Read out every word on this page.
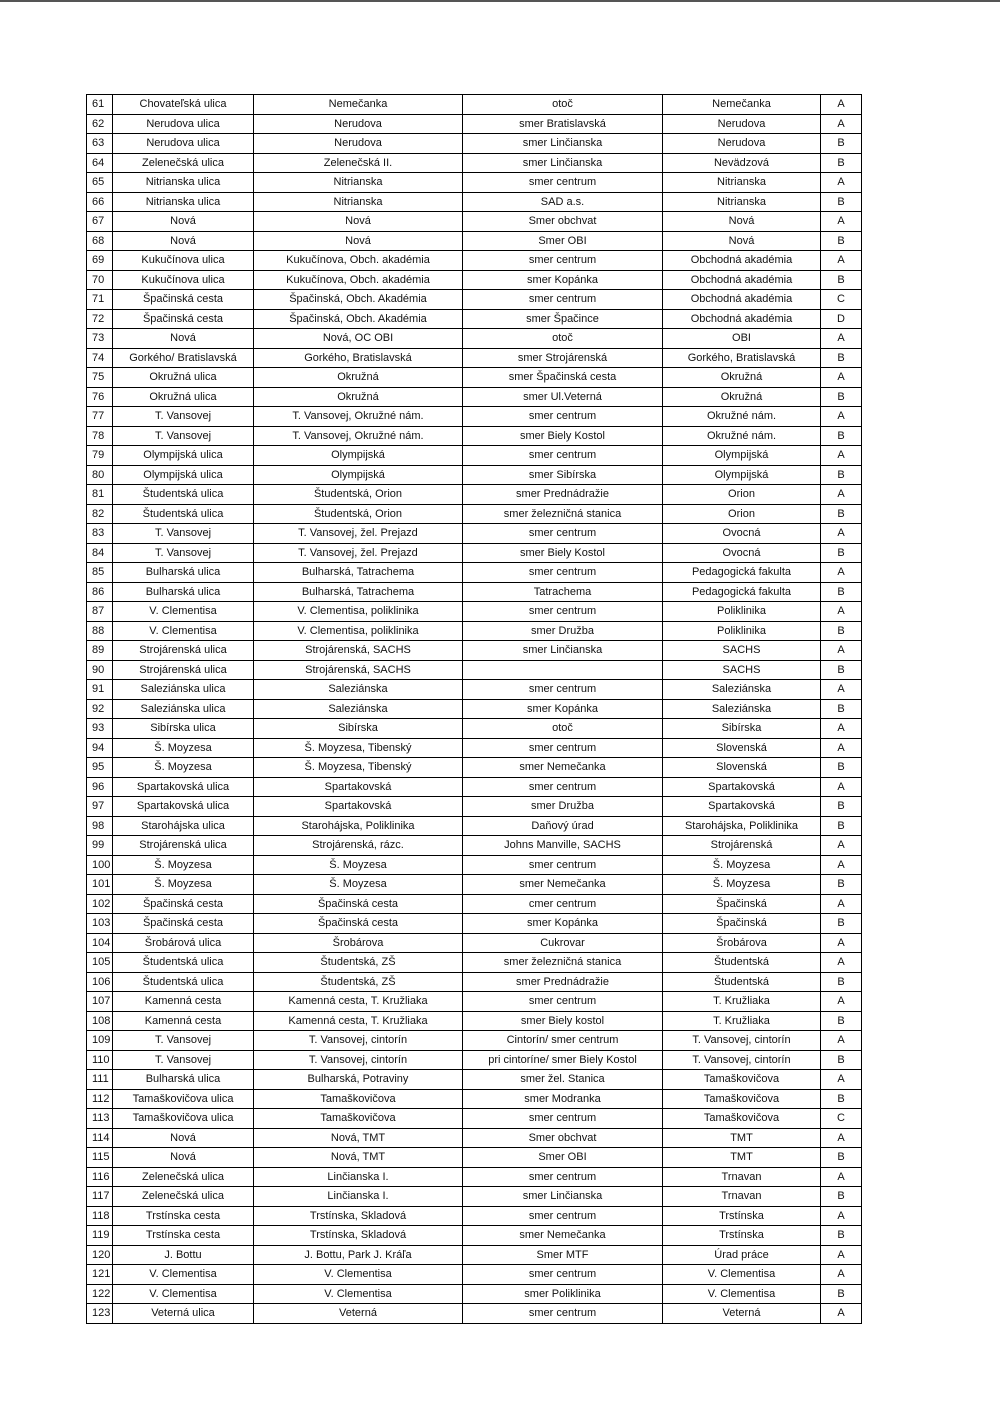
61	Chovateľská ulica	Nemečanka	otoč	Nemečanka	A
62	Nerudova ulica	Nerudova	smer Bratislavská	Nerudova	A
63	Nerudova ulica	Nerudova	smer Linčianska	Nerudova	B
64	Zelenečská ulica	Zelenečská II.	smer Linčianska	Nevädzová	B
65	Nitrianska ulica	Nitrianska	smer centrum	Nitrianska	A
66	Nitrianska ulica	Nitrianska	SAD a.s.	Nitrianska	B
67	Nová	Nová	Smer obchvat	Nová	A
68	Nová	Nová	Smer OBI	Nová	B
69	Kukučínova ulica	Kukučínova, Obch. akadémia	smer centrum	Obchodná akadémia	A
70	Kukučínova ulica	Kukučínova, Obch. akadémia	smer Kopánka	Obchodná akadémia	B
71	Špačinská cesta	Špačinská, Obch. Akadémia	smer centrum	Obchodná akadémia	C
72	Špačinská cesta	Špačinská, Obch. Akadémia	smer Špačince	Obchodná akadémia	D
73	Nová	Nová, OC OBI	otoč	OBI	A
74	Gorkého/ Bratislavská	Gorkého, Bratislavská	smer Strojárenská	Gorkého, Bratislavská	B
75	Okružná ulica	Okružná	smer Špačinská cesta	Okružná	A
76	Okružná ulica	Okružná	smer Ul.Veterná	Okružná	B
77	T. Vansovej	T. Vansovej, Okružné nám.	smer centrum	Okružné nám.	A
78	T. Vansovej	T. Vansovej, Okružné nám.	smer Biely Kostol	Okružné nám.	B
79	Olympijská ulica	Olympijská	smer centrum	Olympijská	A
80	Olympijská ulica	Olympijská	smer Sibírska	Olympijská	B
81	Študentská ulica	Študentská, Orion	smer Prednádražie	Orion	A
82	Študentská ulica	Študentská, Orion	smer železničná stanica	Orion	B
83	T. Vansovej	T. Vansovej, žel. Prejazd	smer centrum	Ovocná	A
84	T. Vansovej	T. Vansovej, žel. Prejazd	smer Biely Kostol	Ovocná	B
85	Bulharská ulica	Bulharská, Tatrachema	smer centrum	Pedagogická fakulta	A
86	Bulharská ulica	Bulharská, Tatrachema	Tatrachema	Pedagogická fakulta	B
87	V. Clementisa	V. Clementisa, poliklinika	smer centrum	Poliklinika	A
88	V. Clementisa	V. Clementisa, poliklinika	smer Družba	Poliklinika	B
89	Strojárenská ulica	Strojárenská, SACHS	smer Linčianska	SACHS	A
90	Strojárenská ulica	Strojárenská, SACHS		SACHS	B
91	Saleziánska ulica	Saleziánska	smer centrum	Saleziánska	A
92	Saleziánska ulica	Saleziánska	smer Kopánka	Saleziánska	B
93	Sibírska ulica	Sibírska	otoč	Sibírska	A
94	Š. Moyzesa	Š. Moyzesa, Tibenský	smer centrum	Slovenská	A
95	Š. Moyzesa	Š. Moyzesa, Tibenský	smer Nemečanka	Slovenská	B
96	Spartakovská ulica	Spartakovská	smer centrum	Spartakovská	A
97	Spartakovská ulica	Spartakovská	smer Družba	Spartakovská	B
98	Starohájska ulica	Starohájska, Poliklinika	Daňový úrad	Starohájska, Poliklinika	B
99	Strojárenská ulica	Strojárenská, rázc.	Johns Manville, SACHS	Strojárenská	A
100	Š. Moyzesa	Š. Moyzesa	smer centrum	Š. Moyzesa	A
101	Š. Moyzesa	Š. Moyzesa	smer Nemečanka	Š. Moyzesa	B
102	Špačinská cesta	Špačinská cesta	cmer centrum	Špačinská	A
103	Špačinská cesta	Špačinská cesta	smer Kopánka	Špačinská	B
104	Šrobárová ulica	Šrobárova	Cukrovar	Šrobárova	A
105	Študentská ulica	Študentská, ZŠ	smer železničná stanica	Študentská	A
106	Študentská ulica	Študentská, ZŠ	smer Prednádražie	Študentská	B
107	Kamenná cesta	Kamenná cesta, T. Kružliaka	smer centrum	T. Kružliaka	A
108	Kamenná cesta	Kamenná cesta, T. Kružliaka	smer Biely kostol	T. Kružliaka	B
109	T. Vansovej	T. Vansovej, cintorín	Cintorín/ smer centrum	T. Vansovej, cintorín	A
110	T. Vansovej	T. Vansovej, cintorín	pri cintoríne/ smer Biely Kostol	T. Vansovej, cintorín	B
111	Bulharská ulica	Bulharská, Potraviny	smer žel. Stanica	Tamaškovičova	A
112	Tamaškovičova ulica	Tamaškovičova	smer Modranka	Tamaškovičova	B
113	Tamaškovičova ulica	Tamaškovičova	smer centrum	Tamaškovičova	C
114	Nová	Nová, TMT	Smer obchvat	TMT	A
115	Nová	Nová, TMT	Smer OBI	TMT	B
116	Zelenečská ulica	Linčianska I.	smer centrum	Trnavan	A
117	Zelenečská ulica	Linčianska I.	smer Linčianska	Trnavan	B
118	Trstínska cesta	Trstínska, Skladová	smer centrum	Trstínska	A
119	Trstínska cesta	Trstínska, Skladová	smer Nemečanka	Trstínska	B
120	J. Bottu	J. Bottu, Park J. Kráľa	Smer MTF	Úrad práce	A
121	V. Clementisa	V. Clementisa	smer centrum	V. Clementisa	A
122	V. Clementisa	V. Clementisa	smer Poliklinika	V. Clementisa	B
123	Veterná ulica	Veterná	smer centrum	Veterná	A
